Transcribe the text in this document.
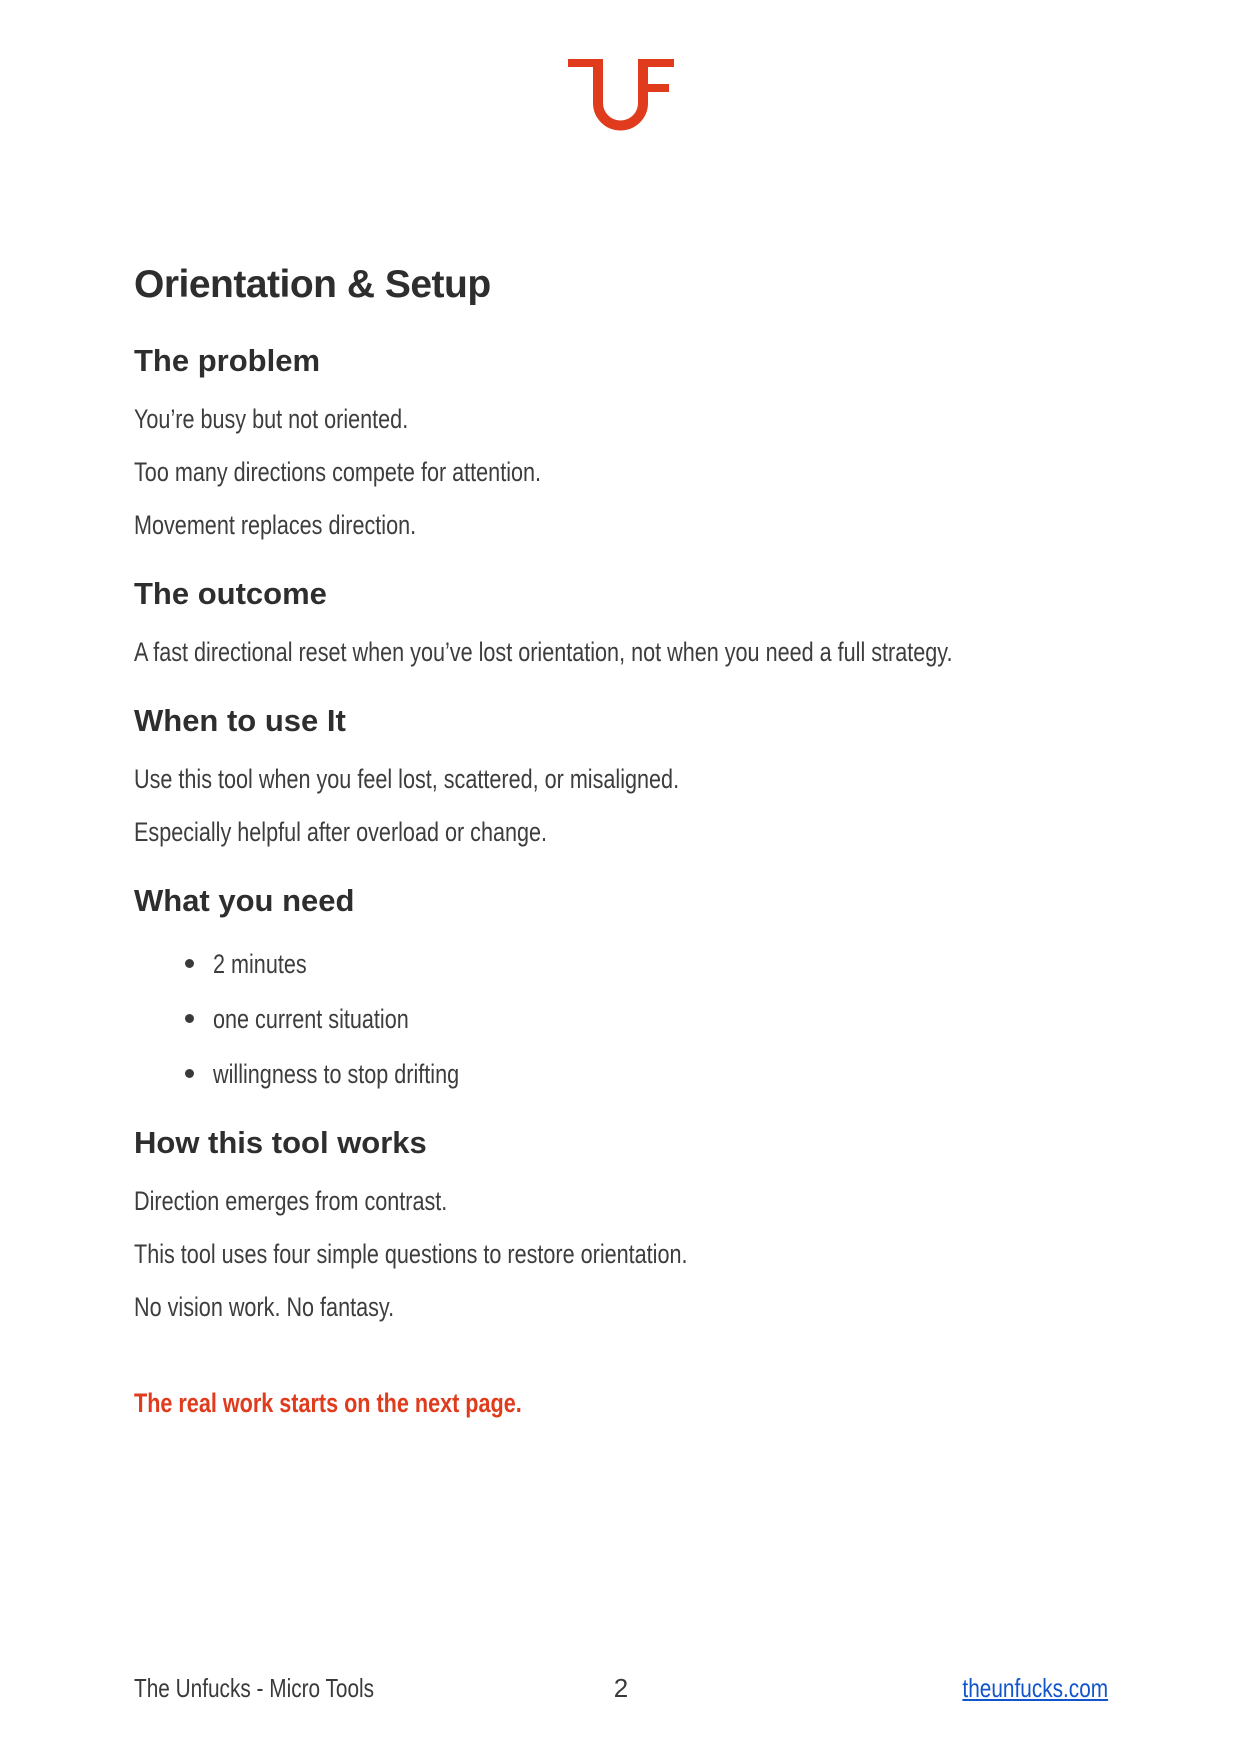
Orientation & Setup
The problem

You’re busy but not oriented.

Too many directions compete for attention.

Movement replaces direction.

The outcome

A fast directional reset when you’ve lost orientation, not when you need a full strategy.

When to use It

Use this tool when you feel lost, scattered, or misaligned.

Especially helpful after overload or change.

What you need
2 minutes
one current situation
willingness to stop drifting
How this tool works

Direction emerges from contrast.

This tool uses four simple questions to restore orientation.

No vision work. No fantasy.

The real work starts on the next page.

The Unfucks - Micro Tools	2	theunfucks.com
